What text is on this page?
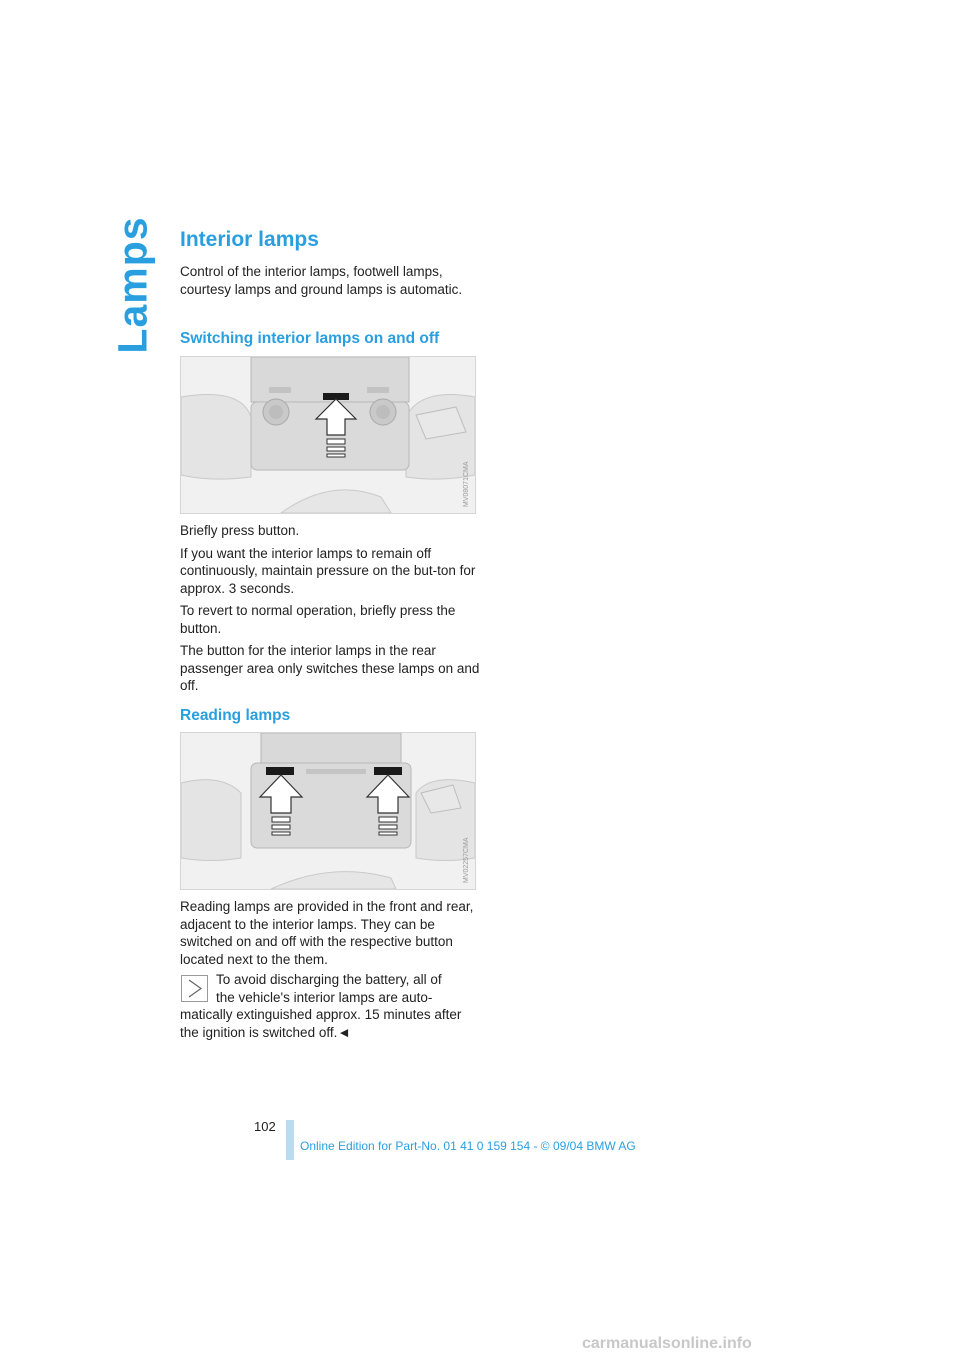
Lamps Interior lamps

Control of the interior lamps, footwell lamps, courtesy lamps and ground lamps is automatic.

Switching interior lamps on and off
MV08071CMA

Briefly press button.

If you want the interior lamps to remain off continuously, maintain pressure on the but-ton for approx. 3 seconds.

To revert to normal operation, briefly press the button.

The button for the interior lamps in the rear passenger area only switches these lamps on and off.

Reading lamps
MV02257CMA

Reading lamps are provided in the front and rear, adjacent to the interior lamps. They can be switched on and off with the respective button located next to the them.

To avoid discharging the battery, all of

the vehicle's interior lamps are auto-

matically extinguished approx. 15 minutes after the ignition is switched off.◄

102
Online Edition for Part-No. 01 41 0 159 154 - © 09/04 BMW AG
carmanualsonline.info
